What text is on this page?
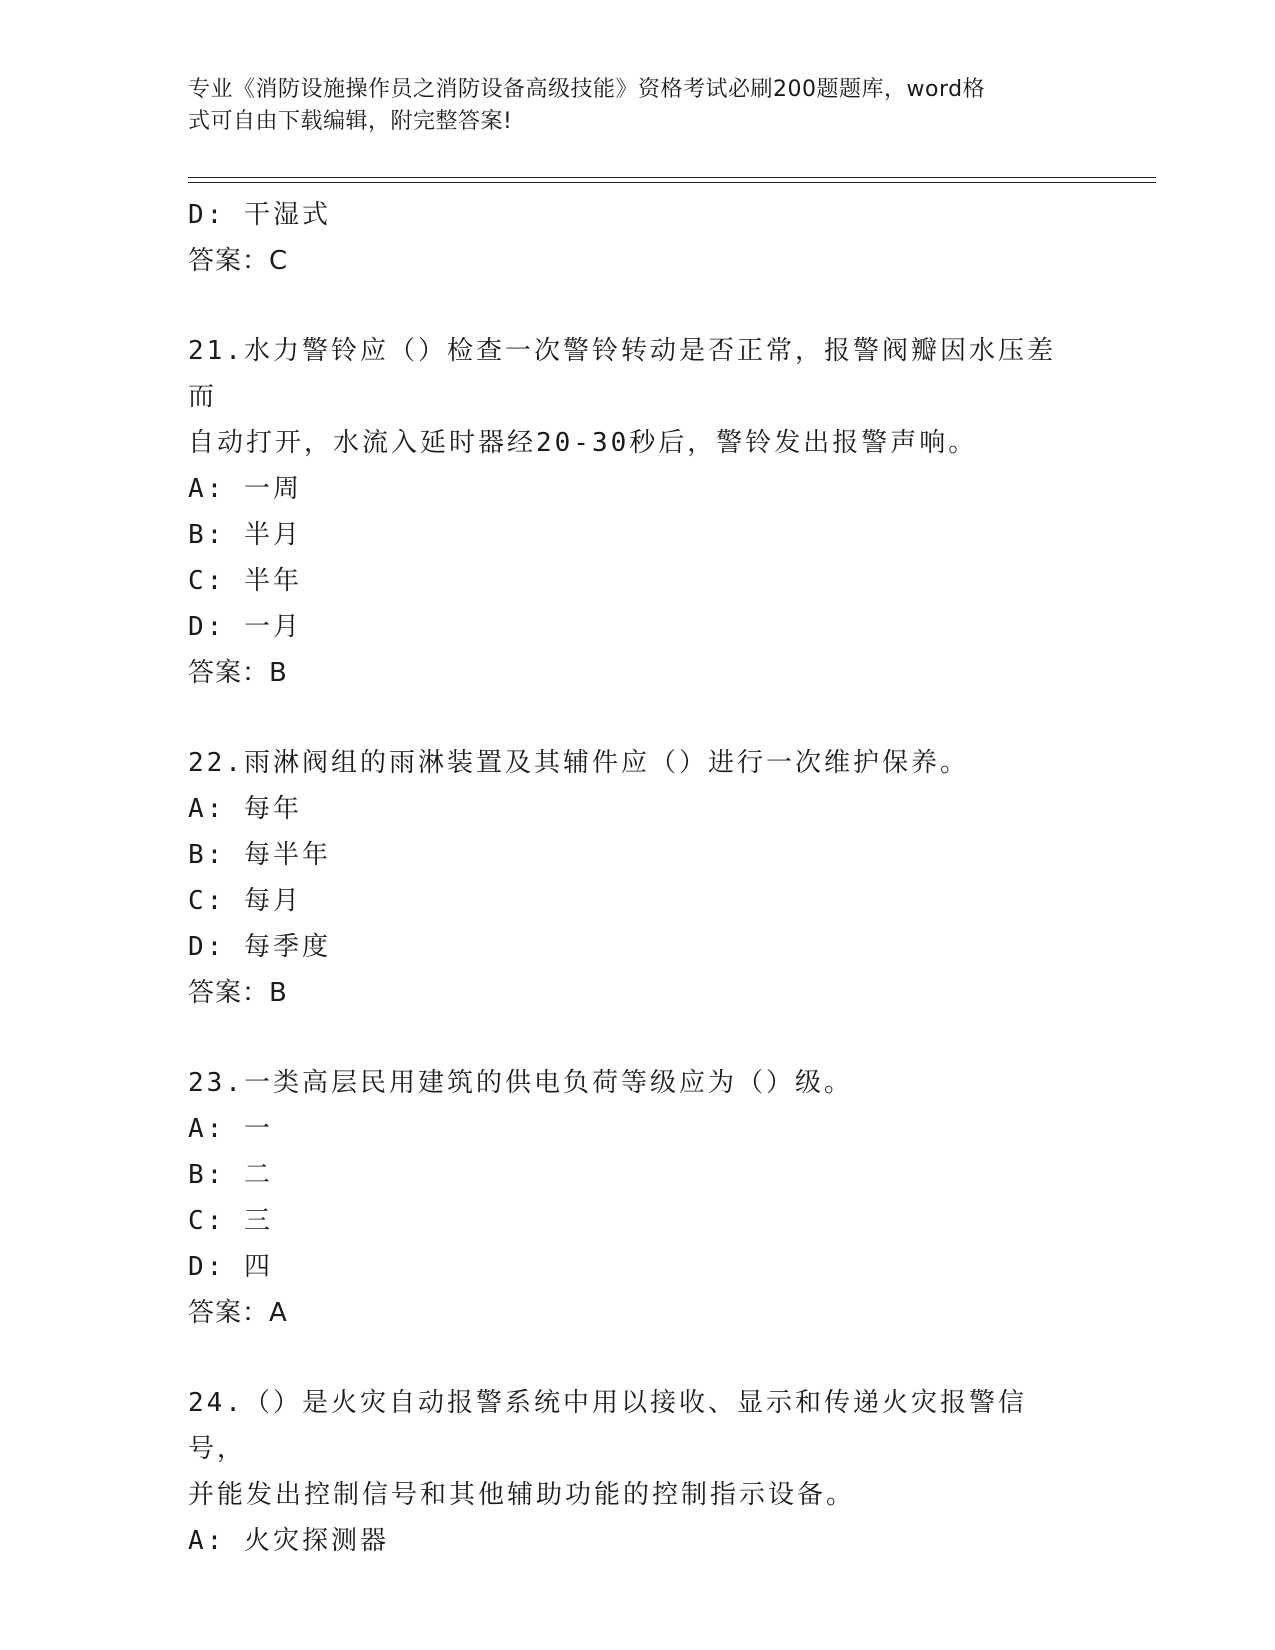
专业《消防设施操作员之消防设备高级技能》资格考试必刷200题题库，word格
式可自由下载编辑，附完整答案!
D: 干湿式
答案：C
21.水力警铃应（）检查一次警铃转动是否正常，报警阀瓣因水压差而
自动打开，水流入延时器经20-30秒后，警铃发出报警声响。
A: 一周
B: 半月
C: 半年
D: 一月
答案：B
22.雨淋阀组的雨淋装置及其辅件应（）进行一次维护保养。
A: 每年
B: 每半年
C: 每月
D: 每季度
答案：B
23.一类高层民用建筑的供电负荷等级应为（）级。
A: 一
B: 二
C: 三
D: 四
答案：A
24.（）是火灾自动报警系统中用以接收、显示和传递火灾报警信号，
并能发出控制信号和其他辅助功能的控制指示设备。
A: 火灾探测器
